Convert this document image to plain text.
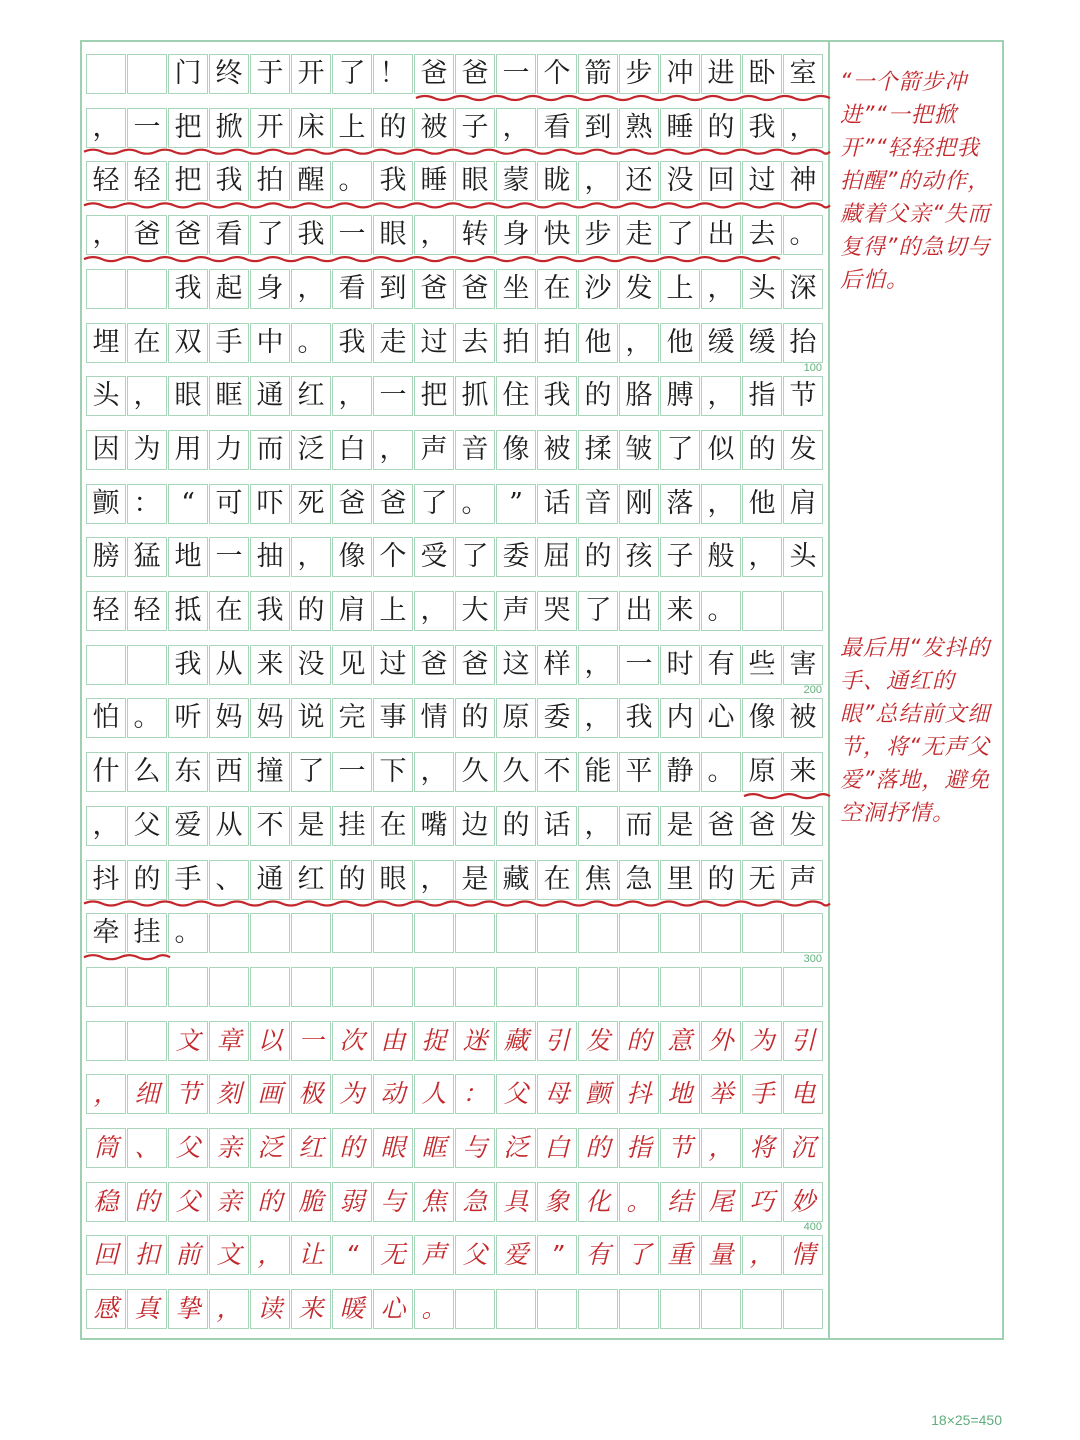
100
200
300
400
门 终 于 开 了 ！ 爸 爸 一 个 箭 步 冲 进 卧 室
， 一 把 掀 开 床 上 的 被 子 ， 看 到 熟 睡 的 我 ，
轻 轻 把 我 拍 醒 。 我 睡 眼 蒙 眬 ， 还 没 回 过 神
， 爸 爸 看 了 我 一 眼 ， 转 身 快 步 走 了 出 去 。
我 起 身 ， 看 到 爸 爸 坐 在 沙 发 上 ， 头 深
埋 在 双 手 中 。 我 走 过 去 拍 拍 他 ， 他 缓 缓 抬
头 ， 眼 眶 通 红 ， 一 把 抓 住 我 的 胳 膊 ， 指 节
因 为 用 力 而 泛 白 ， 声 音 像 被 揉 皱 了 似 的 发
颤 ： “ 可 吓 死 爸 爸 了 。 ” 话 音 刚 落 ， 他 肩
膀 猛 地 一 抽 ， 像 个 受 了 委 屈 的 孩 子 般 ， 头
轻 轻 抵 在 我 的 肩 上 ， 大 声 哭 了 出 来 。
我 从 来 没 见 过 爸 爸 这 样 ， 一 时 有 些 害
怕 。 听 妈 妈 说 完 事 情 的 原 委 ， 我 内 心 像 被
什 么 东 西 撞 了 一 下 ， 久 久 不 能 平 静 。 原 来
， 父 爱 从 不 是 挂 在 嘴 边 的 话 ， 而 是 爸 爸 发
抖 的 手 、 通 红 的 眼 ， 是 藏 在 焦 急 里 的 无 声
牵 挂 。
文 章 以 一 次 由 捉 迷 藏 引 发 的 意 外 为 引
， 细 节 刻 画 极 为 动 人 ： 父 母 颤 抖 地 举 手 电
筒 、 父 亲 泛 红 的 眼 眶 与 泛 白 的 指 节 ， 将 沉
稳 的 父 亲 的 脆 弱 与 焦 急 具 象 化 。 结 尾 巧 妙
回 扣 前 文 ， 让 “ 无 声 父 爱 ” 有 了 重 量 ， 情
感 真 挚 ， 读 来 暖 心 。
“一个箭步冲进”“一把掀开”“轻轻把我拍醒”的动作，藏着父亲“失而复得”的急切与后怕。
最后用“发抖的手、通红的眼”总结前文细节，将“无声父爱”落地，避免空洞抒情。
18×25=450
